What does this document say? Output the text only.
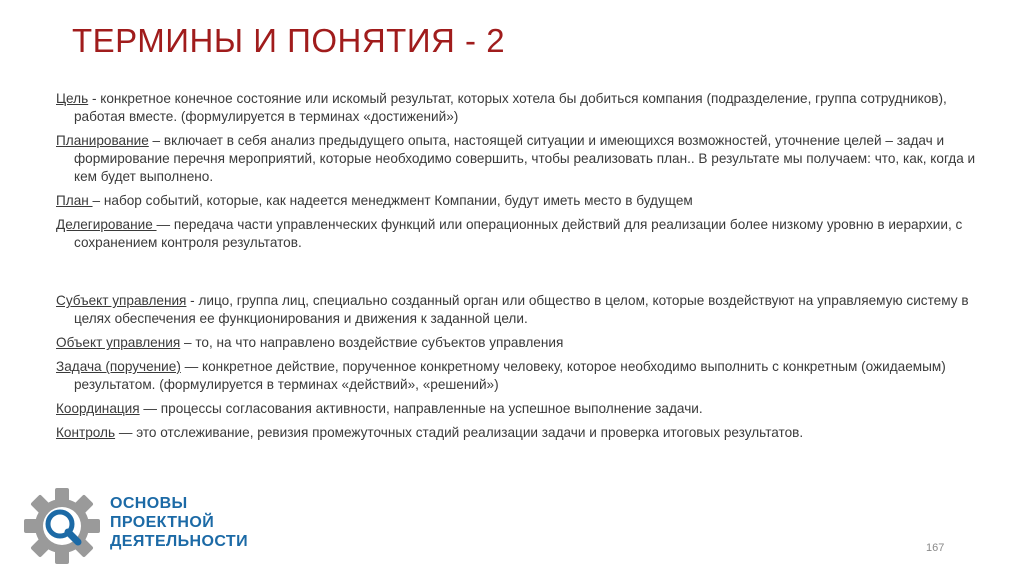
ТЕРМИНЫ И ПОНЯТИЯ - 2

Цель - конкретное конечное состояние или искомый результат, которых хотела бы добиться компания (подразделение, группа сотрудников), работая вместе. (формулируется в терминах «достижений»)

Планирование – включает в себя анализ предыдущего опыта, настоящей ситуации и имеющихся возможностей, уточнение целей – задач и формирование перечня мероприятий, которые необходимо совершить, чтобы реализовать план.. В результате мы получаем: что, как, когда и кем будет выполнено.

План – набор событий, которые, как надеется менеджмент Компании, будут иметь место в будущем

Делегирование — передача части управленческих функций или операционных действий для реализации более низкому уровню в иерархии, с сохранением контроля результатов.

Субъект управления - лицо, группа лиц, специально созданный орган или общество в целом, которые воздействуют на управляемую систему в целях обеспечения ее функционирования и движения к заданной цели.

Объект управления – то, на что направлено воздействие субъектов управления

Задача (поручение) — конкретное действие, порученное конкретному человеку, которое необходимо выполнить с конкретным (ожидаемым) результатом. (формулируется в терминах «действий», «решений»)

Координация — процессы согласования активности, направленные на успешное выполнение задачи.

Контроль — это отслеживание, ревизия промежуточных стадий реализации задачи и проверка итоговых результатов.

ОСНОВЫ
ПРОЕКТНОЙ
ДЕЯТЕЛЬНОСТИ	167
